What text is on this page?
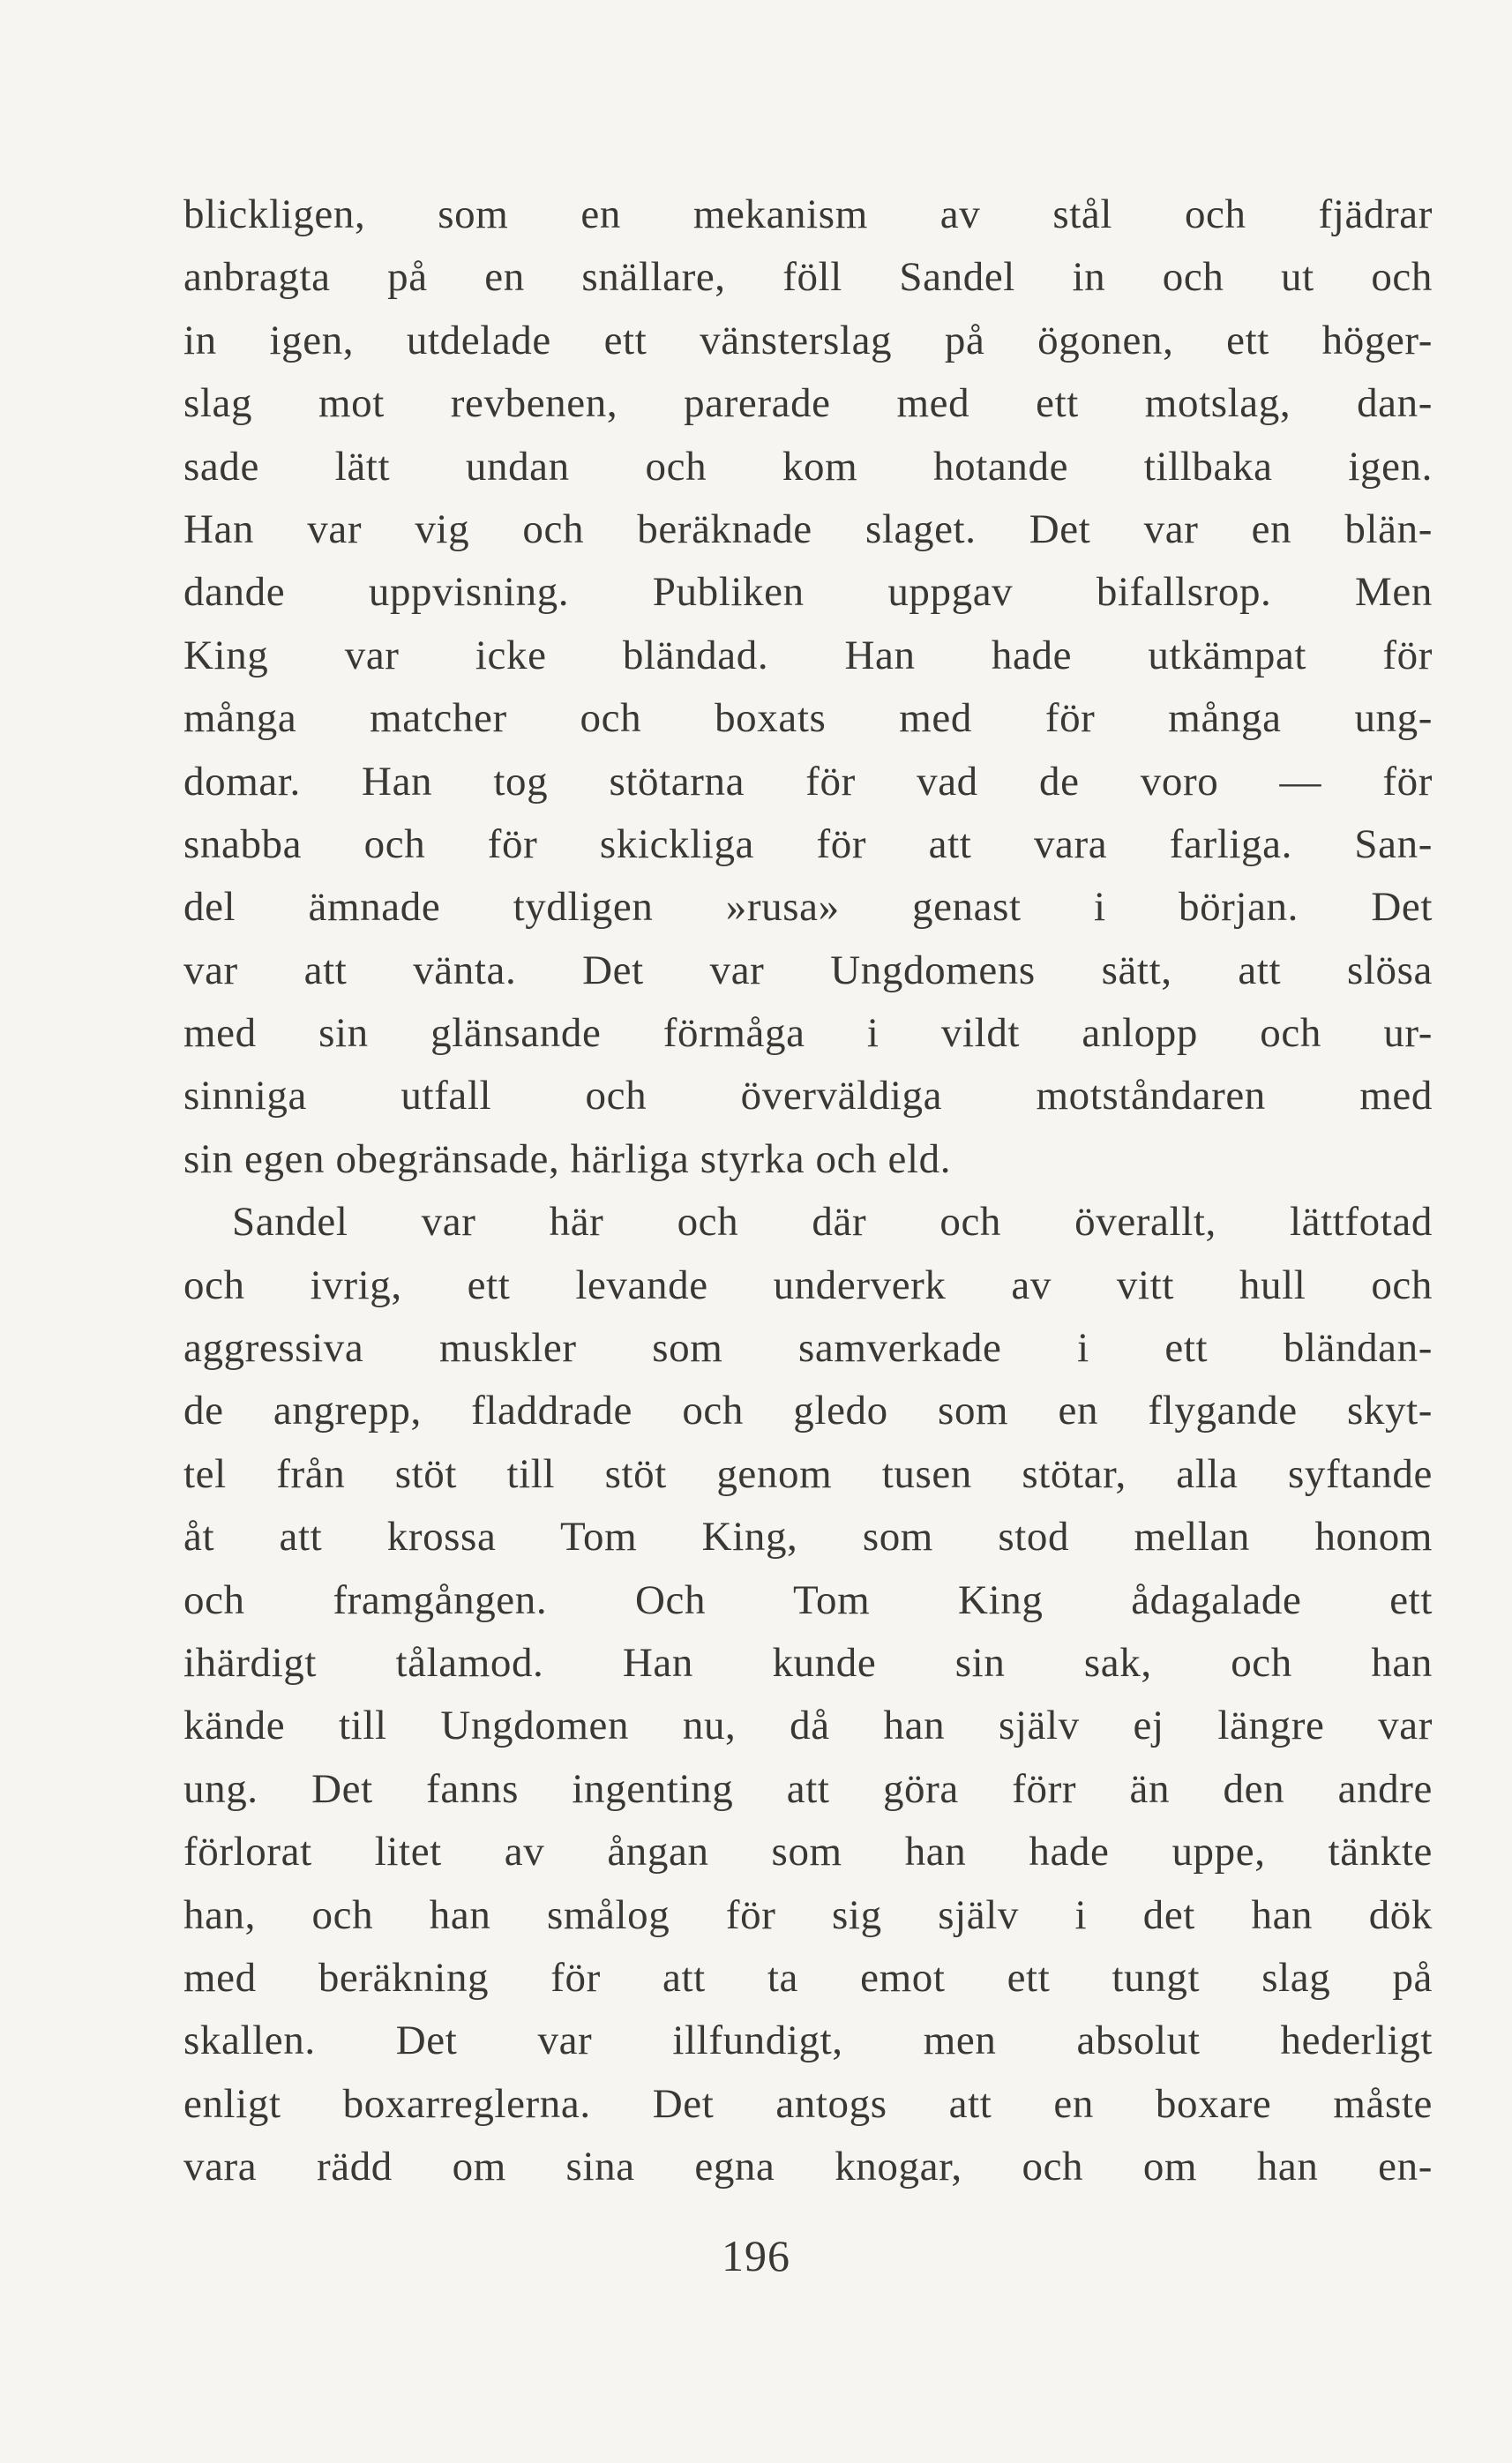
blickligen, som en mekanism av stål och fjädrar
anbragta på en snällare, föll Sandel in och ut och
in igen, utdelade ett vänsterslag på ögonen, ett höger-
slag mot revbenen, parerade med ett motslag, dan-
sade lätt undan och kom hotande tillbaka igen.
Han var vig och beräknade slaget. Det var en blän-
dande uppvisning. Publiken uppgav bifallsrop. Men
King var icke bländad. Han hade utkämpat för
många matcher och boxats med för många ung-
domar. Han tog stötarna för vad de voro — för
snabba och för skickliga för att vara farliga. San-
del ämnade tydligen »rusa» genast i början. Det
var att vänta. Det var Ungdomens sätt, att slösa
med sin glänsande förmåga i vildt anlopp och ur-
sinniga utfall och överväldiga motståndaren med
sin egen obegränsade, härliga styrka och eld.
Sandel var här och där och överallt, lättfotad
och ivrig, ett levande underverk av vitt hull och
aggressiva muskler som samverkade i ett bländan-
de angrepp, fladdrade och gledo som en flygande skyt-
tel från stöt till stöt genom tusen stötar, alla syftande
åt att krossa Tom King, som stod mellan honom
och framgången. Och Tom King ådagalade ett
ihärdigt tålamod. Han kunde sin sak, och han
kände till Ungdomen nu, då han själv ej längre var
ung. Det fanns ingenting att göra förr än den andre
förlorat litet av ångan som han hade uppe, tänkte
han, och han smålog för sig själv i det han dök
med beräkning för att ta emot ett tungt slag på
skallen. Det var illfundigt, men absolut hederligt
enligt boxarreglerna. Det antogs att en boxare måste
vara rädd om sina egna knogar, och om han en-
196
